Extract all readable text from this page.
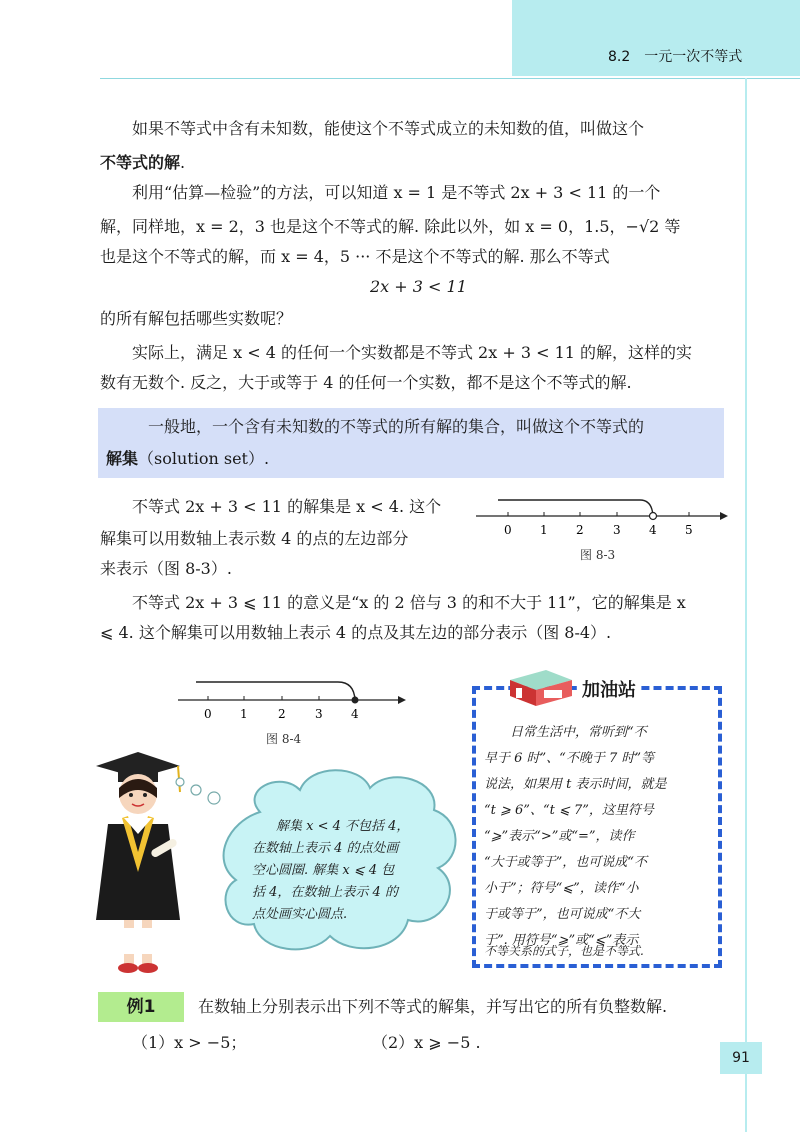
8.2　一元一次不等式
如果不等式中含有未知数，能使这个不等式成立的未知数的值，叫做这个
不等式的解.
利用“估算—检验”的方法，可以知道 x = 1 是不等式 2x + 3 < 11 的一个
解，同样地，x = 2，3 也是这个不等式的解. 除此以外，如 x = 0，1.5，−√2 等
也是这个不等式的解，而 x = 4，5 ··· 不是这个不等式的解. 那么不等式
2x + 3 < 11
的所有解包括哪些实数呢？
实际上，满足 x < 4 的任何一个实数都是不等式 2x + 3 < 11 的解，这样的实
数有无数个. 反之，大于或等于 4 的任何一个实数，都不是这个不等式的解.
一般地，一个含有未知数的不等式的所有解的集合，叫做这个不等式的
解集（solution set）.
不等式 2x + 3 < 11 的解集是 x < 4. 这个
解集可以用数轴上表示数 4 的点的左边部分
来表示（图 8-3）.
0 1 2 3 4 5
图 8-3
不等式 2x + 3 ⩽ 11 的意义是“x 的 2 倍与 3 的和不大于 11”，它的解集是 x
⩽ 4. 这个解集可以用数轴上表示 4 的点及其左边的部分表示（图 8-4）.
0 1	2 3 4
图 8-4
解集 x < 4 不包括 4，
在数轴上表示 4 的点处画
空心圆圈. 解集 x ⩽ 4 包
括 4，在数轴上表示 4 的
点处画实心圆点.
加油站
日常生活中，常听到“不
早于 6 时”、“不晚于 7 时”等
说法，如果用 t 表示时间，就是
“t ⩾ 6”、“t ⩽ 7”，这里符号
“⩾”表示“>”或“=”，读作
“大于或等于”，也可说成“不
小于”；符号“⩽”，读作“小
于或等于”，也可说成“不大
于”. 用符号“⩾”或“⩽”表示
不等关系的式子，也是不等式.
例1	在数轴上分别表示出下列不等式的解集，并写出它的所有负整数解.
（1）x > −5；	（2）x ⩾ −5 .
91
